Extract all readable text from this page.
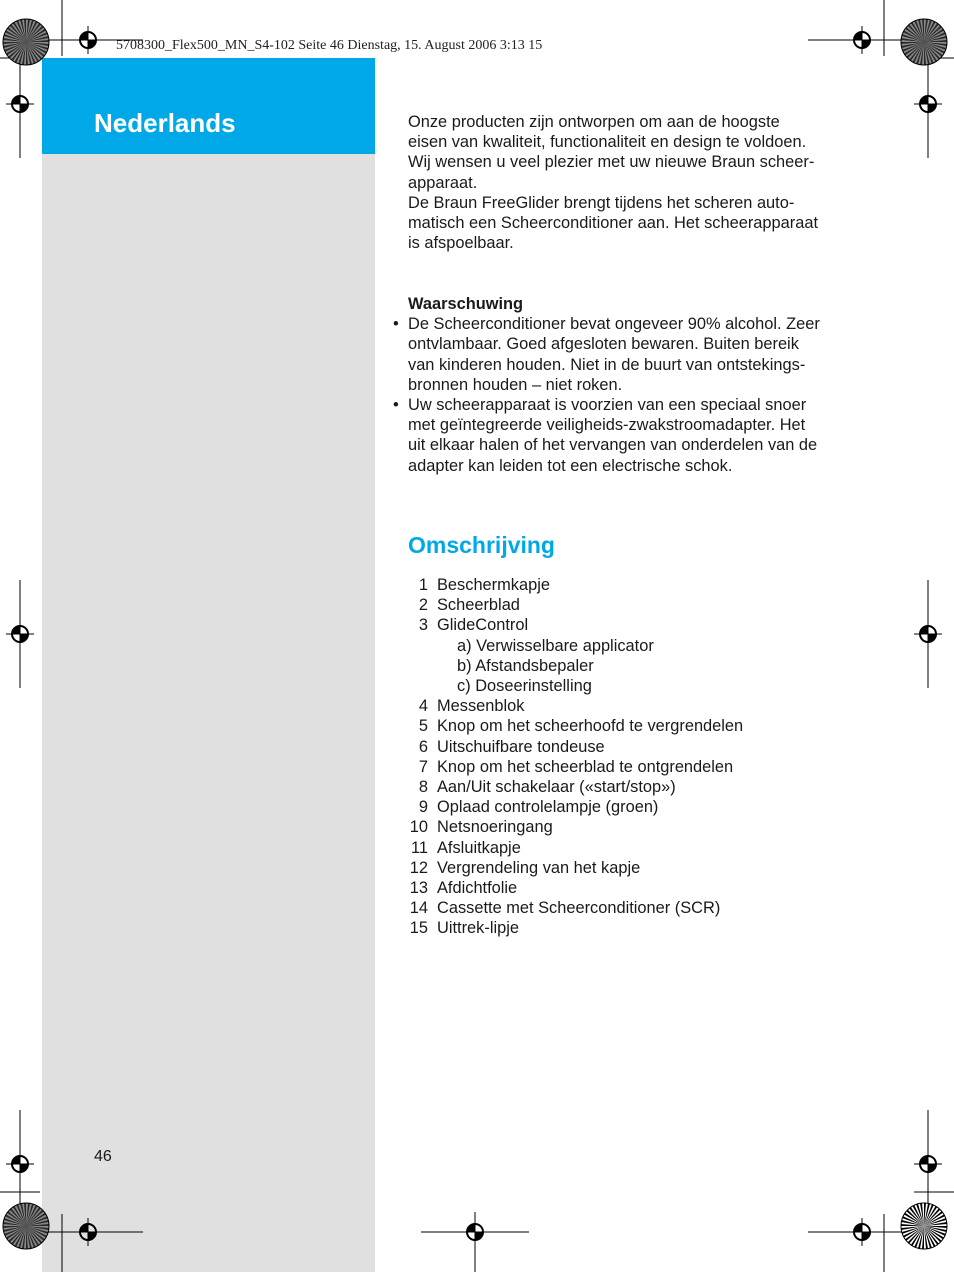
Nederlands
5708300_Flex500_MN_S4-102 Seite 46 Dienstag, 15. August 2006 3:13 15

Onze producten zijn ontworpen om aan de hoogste

eisen van kwaliteit, functionaliteit en design te voldoen.

Wij wensen u veel plezier met uw nieuwe Braun scheer-

apparaat.

De Braun FreeGlider brengt tijdens het scheren auto-

matisch een Scheerconditioner aan. Het scheerapparaat

is afspoelbaar.

Waarschuwing
• De Scheerconditioner bevat ongeveer 90% alcohol. Zeer
ontvlambaar. Goed afgesloten bewaren. Buiten bereik
van kinderen houden. Niet in de buurt van ontstekings-
bronnen houden – niet roken.
• Uw scheerapparaat is voorzien van een speciaal snoer
met geïntegreerde veiligheids-zwakstroomadapter. Het
uit elkaar halen of het vervangen van onderdelen van de
adapter kan leiden tot een electrische schok.
Omschrijving
1 Beschermkapje
2 Scheerblad
3 GlideControl
a) Verwisselbare applicator
b) Afstandsbepaler
c) Doseerinstelling
4 Messenblok
5 Knop om het scheerhoofd te vergrendelen
6 Uitschuifbare tondeuse
7 Knop om het scheerblad te ontgrendelen
8 Aan/Uit schakelaar («start/stop»)
9 Oplaad controlelampje (groen)
10 Netsnoeringang
11 Afsluitkapje
12 Vergrendeling van het kapje
13 Afdichtfolie
14 Cassette met Scheerconditioner (SCR)
15 Uittrek-lipje
46
